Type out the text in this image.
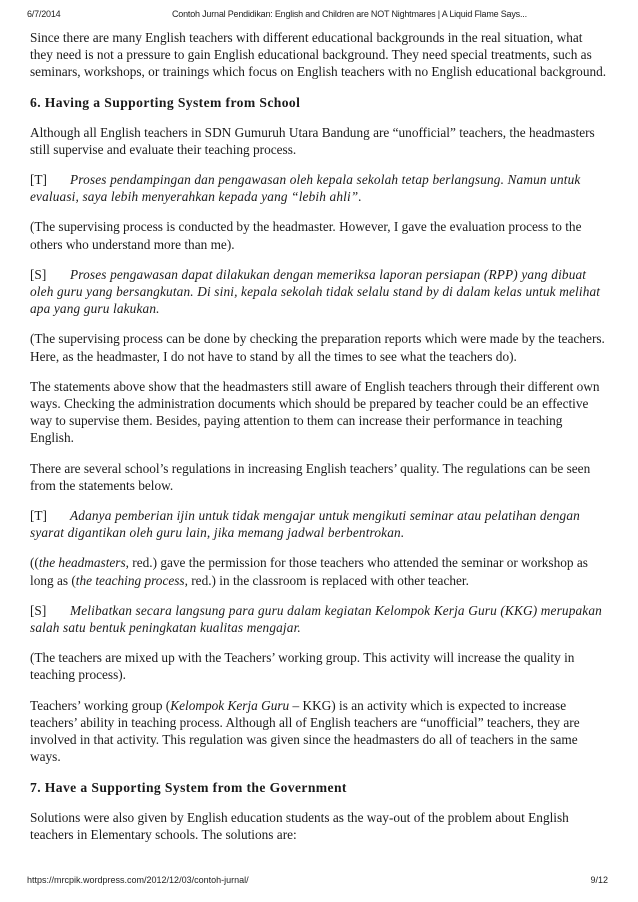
6/7/2014	Contoh Jurnal Pendidikan: English and Children are NOT Nightmares | A Liquid Flame Says...

Since there are many English teachers with different educational backgrounds in the real situation, what they need is not a pressure to gain English educational background. They need special treatments, such as seminars, workshops, or trainings which focus on English teachers with no English educational background.

6. Having a Supporting System from School

Although all English teachers in SDN Gumuruh Utara Bandung are “unofficial” teachers, the headmasters still supervise and evaluate their teaching process.

[T] Proses pendampingan dan pengawasan oleh kepala sekolah tetap berlangsung. Namun untuk evaluasi, saya lebih menyerahkan kepada yang “lebih ahli”.

(The supervising process is conducted by the headmaster. However, I gave the evaluation process to the others who understand more than me).

[S] Proses pengawasan dapat dilakukan dengan memeriksa laporan persiapan (RPP) yang dibuat oleh guru yang bersangkutan. Di sini, kepala sekolah tidak selalu stand by di dalam kelas untuk melihat apa yang guru lakukan.

(The supervising process can be done by checking the preparation reports which were made by the teachers. Here, as the headmaster, I do not have to stand by all the times to see what the teachers do).

The statements above show that the headmasters still aware of English teachers through their different own ways. Checking the administration documents which should be prepared by teacher could be an effective way to supervise them. Besides, paying attention to them can increase their performance in teaching English.

There are several school’s regulations in increasing English teachers’ quality. The regulations can be seen from the statements below.

[T] Adanya pemberian ijin untuk tidak mengajar untuk mengikuti seminar atau pelatihan dengan syarat digantikan oleh guru lain, jika memang jadwal berbentrokan.

((the headmasters, red.) gave the permission for those teachers who attended the seminar or workshop as long as (the teaching process, red.) in the classroom is replaced with other teacher.

[S] Melibatkan secara langsung para guru dalam kegiatan Kelompok Kerja Guru (KKG) merupakan salah satu bentuk peningkatan kualitas mengajar.

(The teachers are mixed up with the Teachers’ working group. This activity will increase the quality in teaching process).

Teachers’ working group (Kelompok Kerja Guru – KKG) is an activity which is expected to increase teachers’ ability in teaching process. Although all of English teachers are “unofficial” teachers, they are involved in that activity. This regulation was given since the headmasters do all of teachers in the same ways.

7. Have a Supporting System from the Government

Solutions were also given by English education students as the way-out of the problem about English teachers in Elementary schools. The solutions are:

https://mrcpik.wordpress.com/2012/12/03/contoh-jurnal/	9/12
